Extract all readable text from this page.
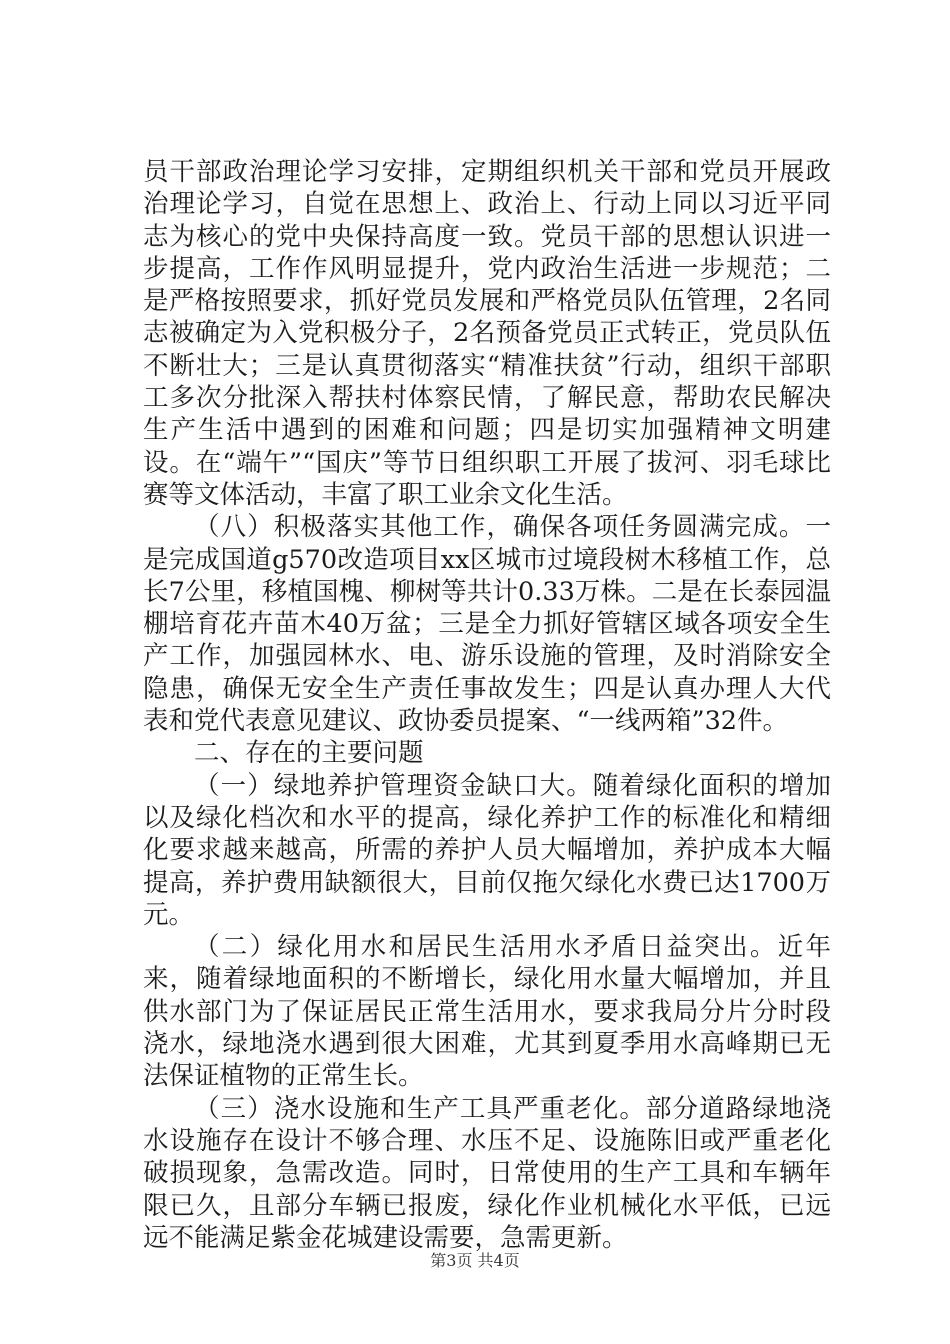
员干部政治理论学习安排，定期组织机关干部和党员开展政治理论学习，自觉在思想上、政治上、行动上同以习近平同志为核心的党中央保持高度一致。党员干部的思想认识进一步提高，工作作风明显提升，党内政治生活进一步规范；二是严格按照要求，抓好党员发展和严格党员队伍管理，2名同志被确定为入党积极分子，2名预备党员正式转正，党员队伍不断壮大；三是认真贯彻落实“精准扶贫”行动，组织干部职工多次分批深入帮扶村体察民情，了解民意，帮助农民解决生产生活中遇到的困难和问题；四是切实加强精神文明建设。在“端午”“国庆”等节日组织职工开展了拔河、羽毛球比赛等文体活动，丰富了职工业余文化生活。

（八）积极落实其他工作，确保各项任务圆满完成。一是完成国道g570改造项目xx区城市过境段树木移植工作，总长7公里，移植国槐、柳树等共计0.33万株。二是在长泰园温棚培育花卉苗木40万盆；三是全力抓好管辖区域各项安全生产工作，加强园林水、电、游乐设施的管理，及时消除安全隐患，确保无安全生产责任事故发生；四是认真办理人大代表和党代表意见建议、政协委员提案、“一线两箱”32件。

二、存在的主要问题

（一）绿地养护管理资金缺口大。随着绿化面积的增加以及绿化档次和水平的提高，绿化养护工作的标准化和精细化要求越来越高，所需的养护人员大幅增加，养护成本大幅提高，养护费用缺额很大，目前仅拖欠绿化水费已达1700万元。

（二）绿化用水和居民生活用水矛盾日益突出。近年来，随着绿地面积的不断增长，绿化用水量大幅增加，并且供水部门为了保证居民正常生活用水，要求我局分片分时段浇水，绿地浇水遇到很大困难，尤其到夏季用水高峰期已无法保证植物的正常生长。

（三）浇水设施和生产工具严重老化。部分道路绿地浇水设施存在设计不够合理、水压不足、设施陈旧或严重老化破损现象，急需改造。同时，日常使用的生产工具和车辆年限已久，且部分车辆已报废，绿化作业机械化水平低，已远远不能满足紫金花城建设需要，急需更新。

第3页 共4页
